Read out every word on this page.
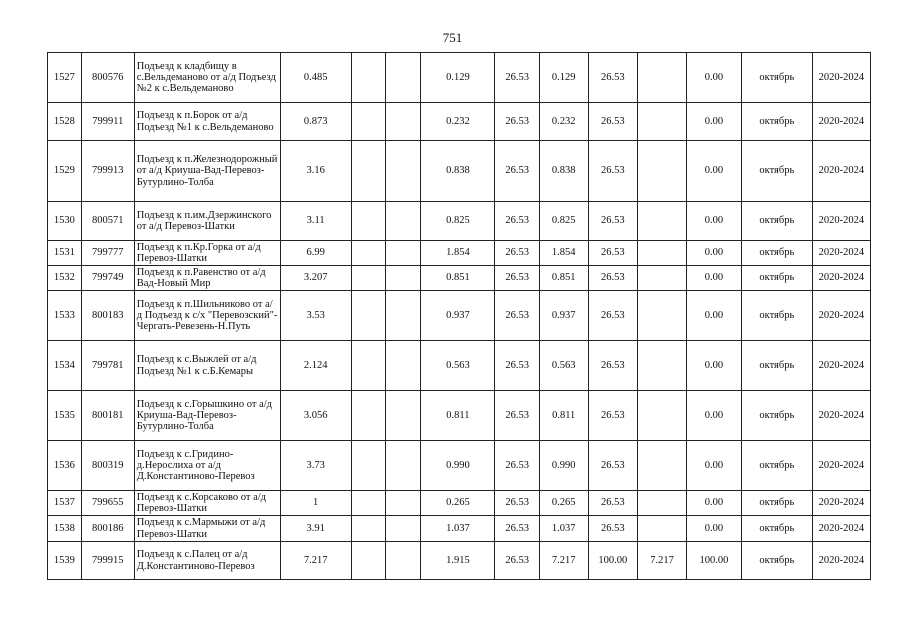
751
1527	800576	Подъезд к кладбищу в с.Вельдеманово от а/д Подъезд №2 к с.Вельдеманово	0.485			0.129	26.53	0.129	26.53		0.00	октябрь	2020-2024
1528	799911	Подъезд к п.Борок от а/д Подъезд №1 к с.Вельдеманово	0.873			0.232	26.53	0.232	26.53		0.00	октябрь	2020-2024
1529	799913	Подъезд к п.Железнодорожный от а/д Криуша-Вад-Перевоз-Бутурлино-Толба	3.16			0.838	26.53	0.838	26.53		0.00	октябрь	2020-2024
1530	800571	Подъезд к п.им.Дзержинского от а/д Перевоз-Шатки	3.11			0.825	26.53	0.825	26.53		0.00	октябрь	2020-2024
1531	799777	Подъезд к п.Кр.Горка от а/д Перевоз-Шатки	6.99			1.854	26.53	1.854	26.53		0.00	октябрь	2020-2024
1532	799749	Подъезд к п.Равенство от а/д Вад-Новый Мир	3.207			0.851	26.53	0.851	26.53		0.00	октябрь	2020-2024
1533	800183	Подъезд к п.Шильниково от а/д Подъезд к с/х "Перевозский"-Чергать-Ревезень-Н.Путь	3.53			0.937	26.53	0.937	26.53		0.00	октябрь	2020-2024
1534	799781	Подъезд к с.Выжлей от а/д Подъезд №1 к с.Б.Кемары	2.124			0.563	26.53	0.563	26.53		0.00	октябрь	2020-2024
1535	800181	Подъезд к с.Горышкино от а/д Криуша-Вад-Перевоз-Бутурлино-Толба	3.056			0.811	26.53	0.811	26.53		0.00	октябрь	2020-2024
1536	800319	Подъезд к с.Гридино-д.Нерослиха от а/д Д.Константиново-Перевоз	3.73			0.990	26.53	0.990	26.53		0.00	октябрь	2020-2024
1537	799655	Подъезд к с.Корсаково от а/д Перевоз-Шатки	1			0.265	26.53	0.265	26.53		0.00	октябрь	2020-2024
1538	800186	Подъезд к с.Мармыжи от а/д Перевоз-Шатки	3.91			1.037	26.53	1.037	26.53		0.00	октябрь	2020-2024
1539	799915	Подъезд к с.Палец от а/д Д.Константиново-Перевоз	7.217			1.915	26.53	7.217	100.00	7.217	100.00	октябрь	2020-2024
